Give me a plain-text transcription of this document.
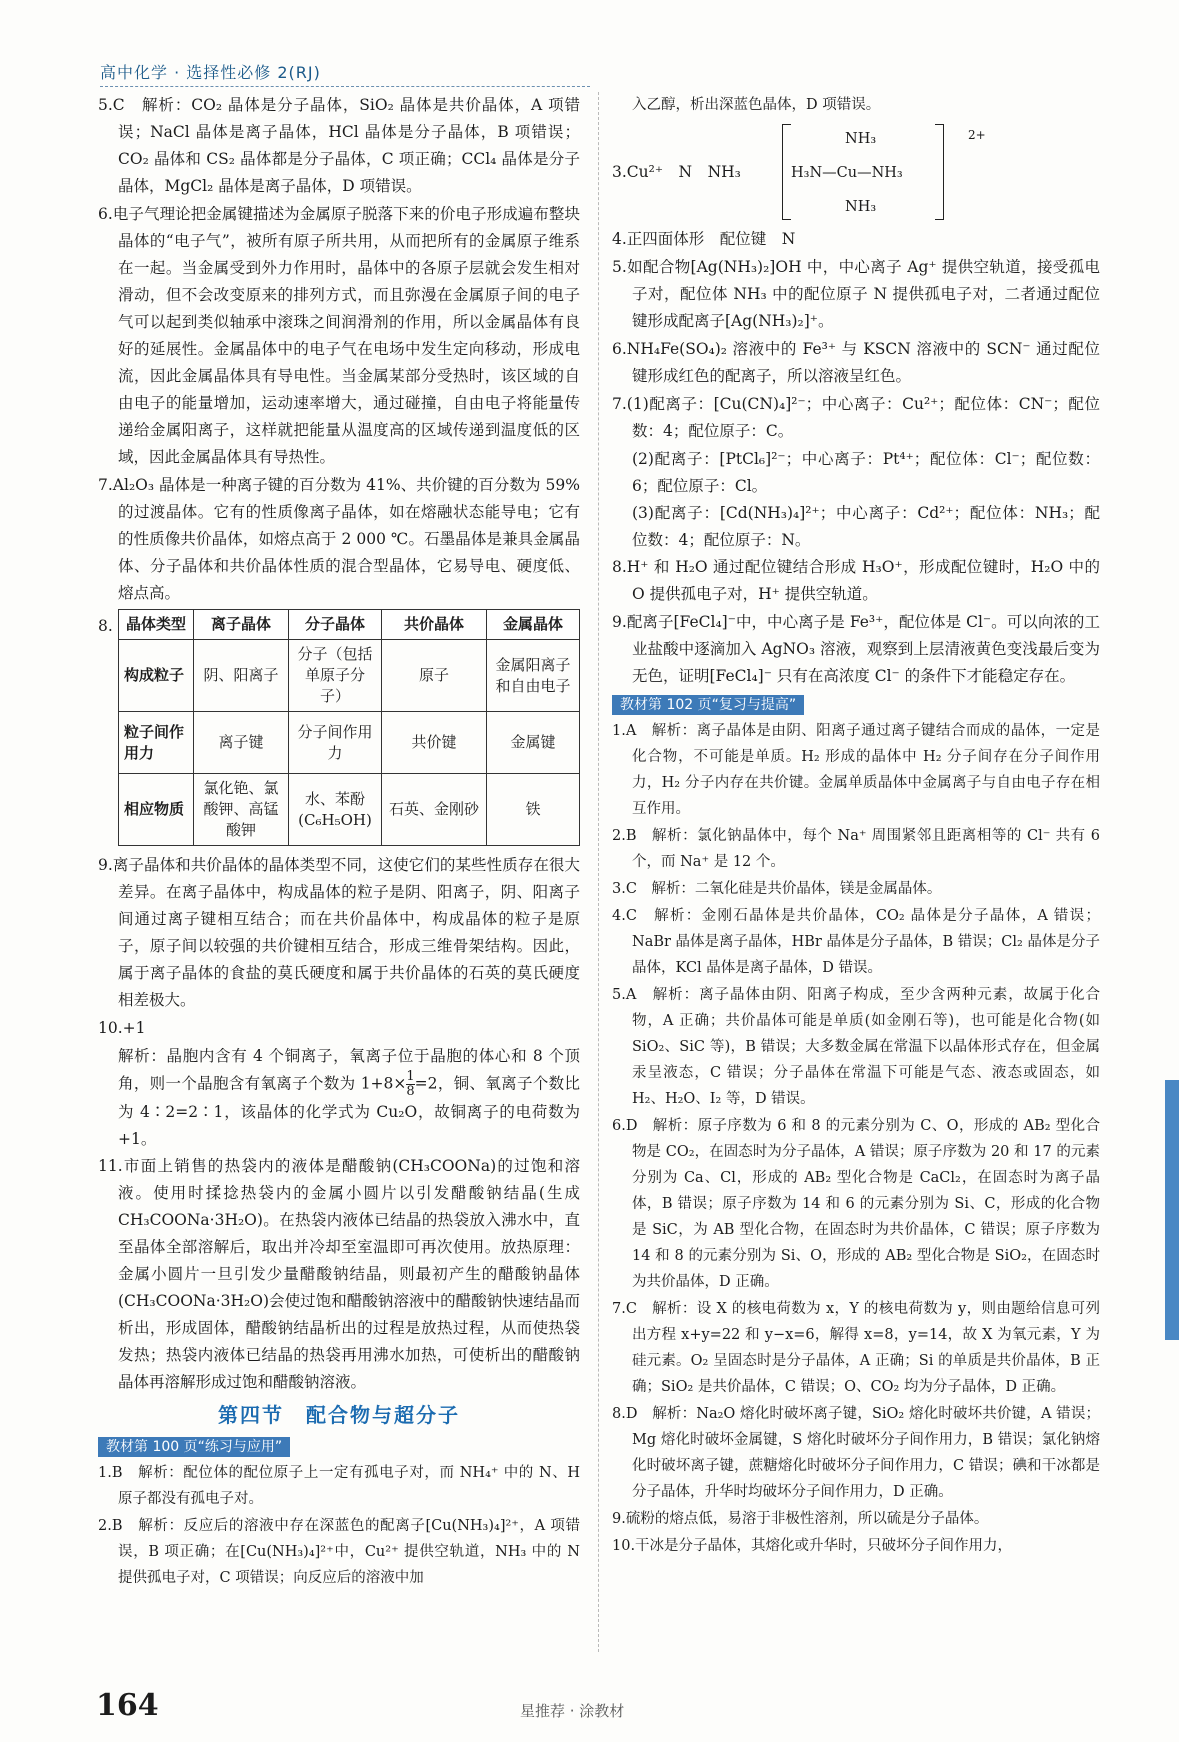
高中化学 · 选择性必修 2(RJ)
5.C　解析：CO₂ 晶体是分子晶体，SiO₂ 晶体是共价晶体，A 项错误；NaCl 晶体是离子晶体，HCl 晶体是分子晶体，B 项错误；CO₂ 晶体和 CS₂ 晶体都是分子晶体，C 项正确；CCl₄ 晶体是分子晶体，MgCl₂ 晶体是离子晶体，D 项错误。
6.电子气理论把金属键描述为金属原子脱落下来的价电子形成遍布整块晶体的“电子气”，被所有原子所共用，从而把所有的金属原子维系在一起。当金属受到外力作用时，晶体中的各原子层就会发生相对滑动，但不会改变原来的排列方式，而且弥漫在金属原子间的电子气可以起到类似轴承中滚珠之间润滑剂的作用，所以金属晶体有良好的延展性。金属晶体中的电子气在电场中发生定向移动，形成电流，因此金属晶体具有导电性。当金属某部分受热时，该区域的自由电子的能量增加，运动速率增大，通过碰撞，自由电子将能量传递给金属阳离子，这样就把能量从温度高的区域传递到温度低的区域，因此金属晶体具有导热性。
7.Al₂O₃ 晶体是一种离子键的百分数为 41%、共价键的百分数为 59% 的过渡晶体。它有的性质像离子晶体，如在熔融状态能导电；它有的性质像共价晶体，如熔点高于 2 000 ℃。石墨晶体是兼具金属晶体、分子晶体和共价晶体性质的混合型晶体，它易导电、硬度低、熔点高。
8. 晶体类型	离子晶体	分子晶体	共价晶体	金属晶体
构成粒子	阴、阳离子	分子（包括单原子分子）	原子	金属阳离子和自由电子
粒子间作用力	离子键	分子间作用力	共价键	金属键
相应物质	氯化铯、氯酸钾、高锰酸钾	水、苯酚(C₆H₅OH)	石英、金刚砂	铁
9.离子晶体和共价晶体的晶体类型不同，这使它们的某些性质存在很大差异。在离子晶体中，构成晶体的粒子是阴、阳离子，阴、阳离子间通过离子键相互结合；而在共价晶体中，构成晶体的粒子是原子，原子间以较强的共价键相互结合，形成三维骨架结构。因此，属于离子晶体的食盐的莫氏硬度和属于共价晶体的石英的莫氏硬度相差极大。
10.+1
解析：晶胞内含有 4 个铜离子，氧离子位于晶胞的体心和 8 个顶角，则一个晶胞含有氧离子个数为 $1+8\times \frac{1}{8} =2$，铜、氧离子个数比为 4∶2=2∶1，该晶体的化学式为 Cu₂O，故铜离子的电荷数为+1。
11.市面上销售的热袋内的液体是醋酸钠(CH₃COONa)的过饱和溶液。使用时揉捻热袋内的金属小圆片以引发醋酸钠结晶(生成 CH₃COONa·3H₂O)。在热袋内液体已结晶的热袋放入沸水中，直至晶体全部溶解后，取出并冷却至室温即可再次使用。放热原理：金属小圆片一旦引发少量醋酸钠结晶，则最初产生的醋酸钠晶体(CH₃COONa·3H₂O)会使过饱和醋酸钠溶液中的醋酸钠快速结晶而析出，形成固体，醋酸钠结晶析出的过程是放热过程，从而使热袋发热；热袋内液体已结晶的热袋再用沸水加热，可使析出的醋酸钠晶体再溶解形成过饱和醋酸钠溶液。
第四节　配合物与超分子
教材第 100 页“练习与应用”
1.B　解析：配位体的配位原子上一定有孤电子对，而 NH₄⁺ 中的 N、H 原子都没有孤电子对。
2.B　解析：反应后的溶液中存在深蓝色的配离子[Cu(NH₃)₄]²⁺，A 项错误，B 项正确；在[Cu(NH₃)₄]²⁺中，Cu²⁺ 提供空轨道，NH₃ 中的 N 提供孤电子对，C 项错误；向反应后的溶液中加
入乙醇，析出深蓝色晶体，D 项错误。
3.Cu²⁺　N　NH₃
NH₃
H₃N—Cu—NH₃
NH₃
2+
4.正四面体形　配位键　N
5.如配合物[Ag(NH₃)₂]OH 中，中心离子 Ag⁺ 提供空轨道，接受孤电子对，配位体 NH₃ 中的配位原子 N 提供孤电子对，二者通过配位键形成配离子[Ag(NH₃)₂]⁺。
6.NH₄Fe(SO₄)₂ 溶液中的 Fe³⁺ 与 KSCN 溶液中的 SCN⁻ 通过配位键形成红色的配离子，所以溶液呈红色。
7.(1)配离子：[Cu(CN)₄]²⁻；中心离子：Cu²⁺；配位体：CN⁻；配位数：4；配位原子：C。
(2)配离子：[PtCl₆]²⁻；中心离子：Pt⁴⁺；配位体：Cl⁻；配位数：6；配位原子：Cl。
(3)配离子：[Cd(NH₃)₄]²⁺；中心离子：Cd²⁺；配位体：NH₃；配位数：4；配位原子：N。
8.H⁺ 和 H₂O 通过配位键结合形成 H₃O⁺，形成配位键时，H₂O 中的 O 提供孤电子对，H⁺ 提供空轨道。
9.配离子[FeCl₄]⁻中，中心离子是 Fe³⁺，配位体是 Cl⁻。可以向浓的工业盐酸中逐滴加入 AgNO₃ 溶液，观察到上层清液黄色变浅最后变为无色，证明[FeCl₄]⁻ 只有在高浓度 Cl⁻ 的条件下才能稳定存在。
教材第 102 页“复习与提高”
1.A　解析：离子晶体是由阴、阳离子通过离子键结合而成的晶体，一定是化合物，不可能是单质。H₂ 形成的晶体中 H₂ 分子间存在分子间作用力，H₂ 分子内存在共价键。金属单质晶体中金属离子与自由电子存在相互作用。
2.B　解析：氯化钠晶体中，每个 Na⁺ 周围紧邻且距离相等的 Cl⁻ 共有 6 个，而 Na⁺ 是 12 个。
3.C　解析：二氧化硅是共价晶体，镁是金属晶体。
4.C　解析：金刚石晶体是共价晶体，CO₂ 晶体是分子晶体，A 错误；NaBr 晶体是离子晶体，HBr 晶体是分子晶体，B 错误；Cl₂ 晶体是分子晶体，KCl 晶体是离子晶体，D 错误。
5.A　解析：离子晶体由阴、阳离子构成，至少含两种元素，故属于化合物，A 正确；共价晶体可能是单质(如金刚石等)，也可能是化合物(如 SiO₂、SiC 等)，B 错误；大多数金属在常温下以晶体形式存在，但金属汞呈液态，C 错误；分子晶体在常温下可能是气态、液态或固态，如 H₂、H₂O、I₂ 等，D 错误。
6.D　解析：原子序数为 6 和 8 的元素分别为 C、O，形成的 AB₂ 型化合物是 CO₂，在固态时为分子晶体，A 错误；原子序数为 20 和 17 的元素分别为 Ca、Cl，形成的 AB₂ 型化合物是 CaCl₂，在固态时为离子晶体，B 错误；原子序数为 14 和 6 的元素分别为 Si、C，形成的化合物是 SiC，为 AB 型化合物，在固态时为共价晶体，C 错误；原子序数为 14 和 8 的元素分别为 Si、O，形成的 AB₂ 型化合物是 SiO₂，在固态时为共价晶体，D 正确。
7.C　解析：设 X 的核电荷数为 x，Y 的核电荷数为 y，则由题给信息可列出方程 x+y=22 和 y−x=6，解得 x=8，y=14，故 X 为氧元素，Y 为硅元素。O₂ 呈固态时是分子晶体，A 正确；Si 的单质是共价晶体，B 正确；SiO₂ 是共价晶体，C 错误；O、CO₂ 均为分子晶体，D 正确。
8.D　解析：Na₂O 熔化时破坏离子键，SiO₂ 熔化时破坏共价键，A 错误；Mg 熔化时破坏金属键，S 熔化时破坏分子间作用力，B 错误；氯化钠熔化时破坏离子键，蔗糖熔化时破坏分子间作用力，C 错误；碘和干冰都是分子晶体，升华时均破坏分子间作用力，D 正确。
9.硫粉的熔点低，易溶于非极性溶剂，所以硫是分子晶体。
10.干冰是分子晶体，其熔化或升华时，只破坏分子间作用力，
164	星推荐 · 涂教材
